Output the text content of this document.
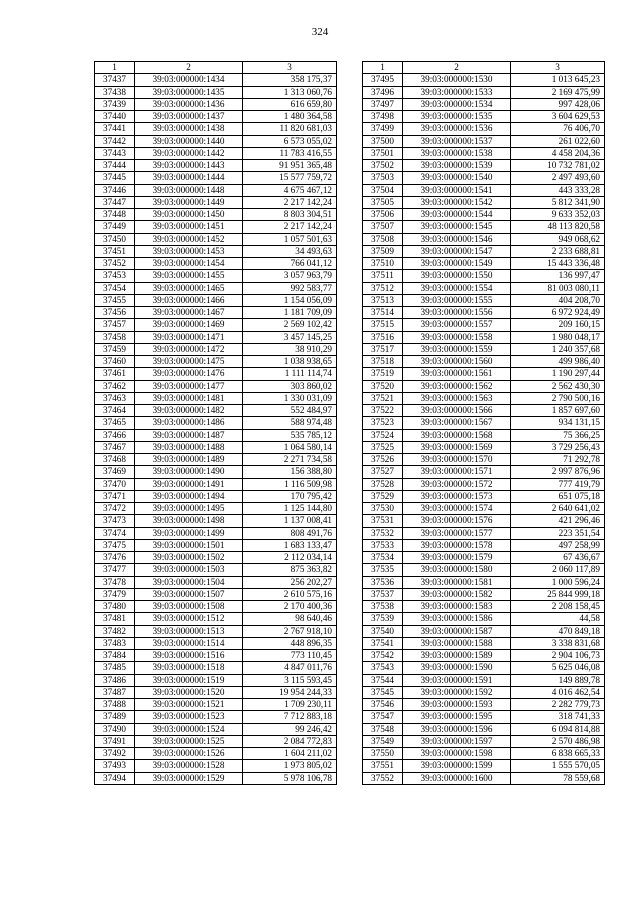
324
1	2	3
37437	39:03:000000:1434	358 175,37
37438	39:03:000000:1435	1 313 060,76
37439	39:03:000000:1436	616 659,80
37440	39:03:000000:1437	1 480 364,58
37441	39:03:000000:1438	11 820 681,03
37442	39:03:000000:1440	6 573 055,02
37443	39:03:000000:1442	11 783 416,55
37444	39:03:000000:1443	91 951 365,48
37445	39:03:000000:1444	15 577 759,72
37446	39:03:000000:1448	4 675 467,12
37447	39:03:000000:1449	2 217 142,24
37448	39:03:000000:1450	8 803 304,51
37449	39:03:000000:1451	2 217 142,24
37450	39:03:000000:1452	1 057 501,63
37451	39:03:000000:1453	34 493,63
37452	39:03:000000:1454	766 041,12
37453	39:03:000000:1455	3 057 963,79
37454	39:03:000000:1465	992 583,77
37455	39:03:000000:1466	1 154 056,09
37456	39:03:000000:1467	1 181 709,09
37457	39:03:000000:1469	2 569 102,42
37458	39:03:000000:1471	3 457 145,25
37459	39:03:000000:1472	38 910,29
37460	39:03:000000:1475	1 038 938,65
37461	39:03:000000:1476	1 111 114,74
37462	39:03:000000:1477	303 860,02
37463	39:03:000000:1481	1 330 031,09
37464	39:03:000000:1482	552 484,97
37465	39:03:000000:1486	588 974,48
37466	39:03:000000:1487	535 785,12
37467	39:03:000000:1488	1 064 580,14
37468	39:03:000000:1489	2 271 734,58
37469	39:03:000000:1490	156 388,80
37470	39:03:000000:1491	1 116 509,98
37471	39:03:000000:1494	170 795,42
37472	39:03:000000:1495	1 125 144,80
37473	39:03:000000:1498	1 137 008,41
37474	39:03:000000:1499	808 491,76
37475	39:03:000000:1501	1 683 133,47
37476	39:03:000000:1502	2 112 034,14
37477	39:03:000000:1503	875 363,82
37478	39:03:000000:1504	256 202,27
37479	39:03:000000:1507	2 610 575,16
37480	39:03:000000:1508	2 170 400,36
37481	39:03:000000:1512	98 640,46
37482	39:03:000000:1513	2 767 918,10
37483	39:03:000000:1514	448 896,35
37484	39:03:000000:1516	773 110,45
37485	39:03:000000:1518	4 847 011,76
37486	39:03:000000:1519	3 115 593,45
37487	39:03:000000:1520	19 954 244,33
37488	39:03:000000:1521	1 709 230,11
37489	39:03:000000:1523	7 712 883,18
37490	39:03:000000:1524	99 246,42
37491	39:03:000000:1525	2 084 772,83
37492	39:03:000000:1526	1 604 211,02
37493	39:03:000000:1528	1 973 805,02
37494	39:03:000000:1529	5 978 106,78
1	2	3
37495	39:03:000000:1530	1 013 645,23
37496	39:03:000000:1533	2 169 475,99
37497	39:03:000000:1534	997 428,06
37498	39:03:000000:1535	3 604 629,53
37499	39:03:000000:1536	76 406,70
37500	39:03:000000:1537	261 022,60
37501	39:03:000000:1538	4 458 204,36
37502	39:03:000000:1539	10 732 781,02
37503	39:03:000000:1540	2 497 493,60
37504	39:03:000000:1541	443 333,28
37505	39:03:000000:1542	5 812 341,90
37506	39:03:000000:1544	9 633 352,03
37507	39:03:000000:1545	48 113 820,58
37508	39:03:000000:1546	949 068,62
37509	39:03:000000:1547	2 233 688,81
37510	39:03:000000:1549	15 443 336,48
37511	39:03:000000:1550	136 997,47
37512	39:03:000000:1554	81 003 080,11
37513	39:03:000000:1555	404 208,70
37514	39:03:000000:1556	6 972 924,49
37515	39:03:000000:1557	209 160,15
37516	39:03:000000:1558	1 980 048,17
37517	39:03:000000:1559	1 240 357,68
37518	39:03:000000:1560	499 986,40
37519	39:03:000000:1561	1 190 297,44
37520	39:03:000000:1562	2 562 430,30
37521	39:03:000000:1563	2 790 500,16
37522	39:03:000000:1566	1 857 697,60
37523	39:03:000000:1567	934 131,15
37524	39:03:000000:1568	75 366,25
37525	39:03:000000:1569	3 729 256,43
37526	39:03:000000:1570	71 292,78
37527	39:03:000000:1571	2 997 876,96
37528	39:03:000000:1572	777 419,79
37529	39:03:000000:1573	651 075,18
37530	39:03:000000:1574	2 640 641,02
37531	39:03:000000:1576	421 296,46
37532	39:03:000000:1577	223 351,54
37533	39:03:000000:1578	497 258,99
37534	39:03:000000:1579	67 436,67
37535	39:03:000000:1580	2 060 117,89
37536	39:03:000000:1581	1 000 596,24
37537	39:03:000000:1582	25 844 999,18
37538	39:03:000000:1583	2 208 158,45
37539	39:03:000000:1586	44,58
37540	39:03:000000:1587	470 849,18
37541	39:03:000000:1588	3 338 831,68
37542	39:03:000000:1589	2 904 106,73
37543	39:03:000000:1590	5 625 046,08
37544	39:03:000000:1591	149 889,78
37545	39:03:000000:1592	4 016 462,54
37546	39:03:000000:1593	2 282 779,73
37547	39:03:000000:1595	318 741,33
37548	39:03:000000:1596	6 094 814,88
37549	39:03:000000:1597	2 570 486,98
37550	39:03:000000:1598	6 838 665,33
37551	39:03:000000:1599	1 555 570,05
37552	39:03:000000:1600	78 559,68
